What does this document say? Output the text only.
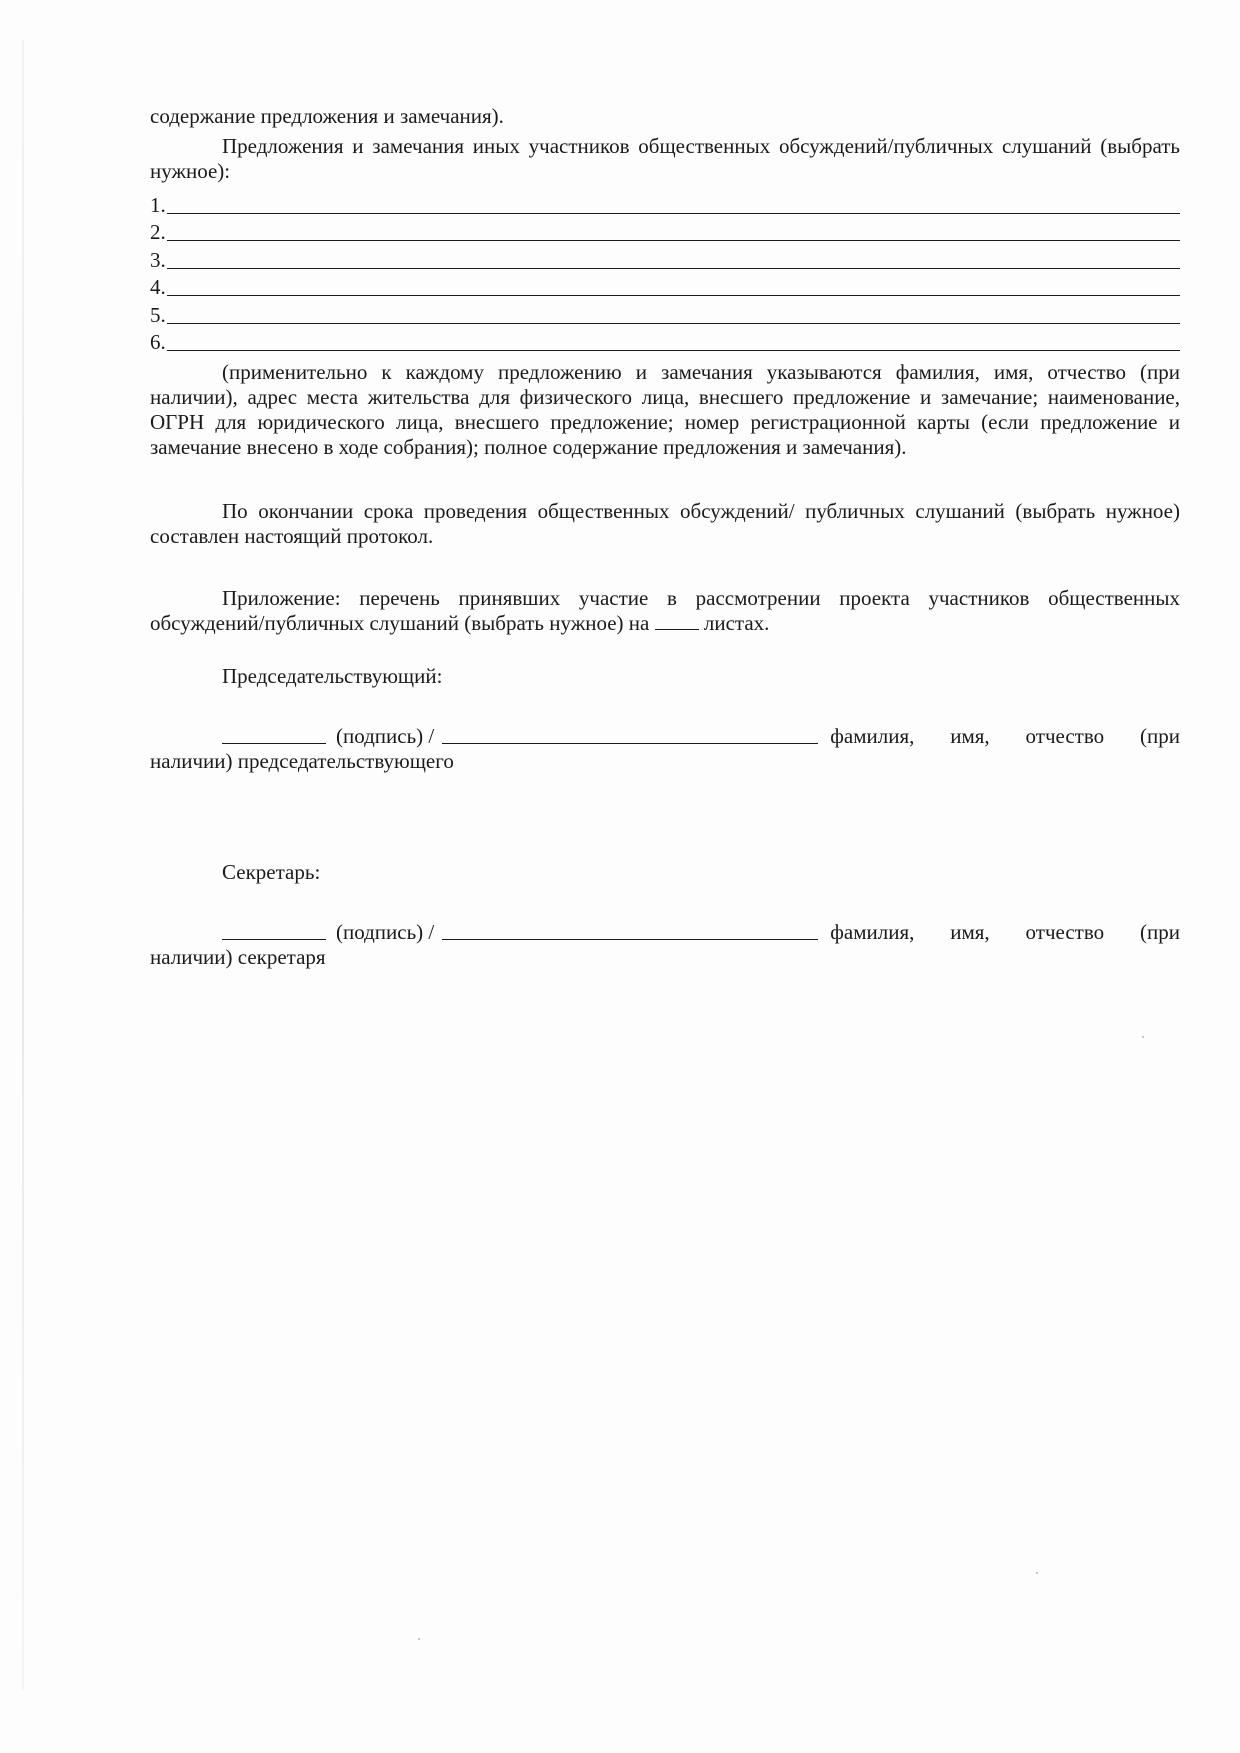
содержание предложения и замечания).
Предложения и замечания иных участников общественных обсуждений/публичных слушаний (выбрать нужное):
1.
2.
3.
4.
5.
6.
(применительно к каждому предложению и замечания указываются фамилия, имя, отчество (при наличии), адрес места жительства для физического лица, внесшего предложение и замечание; наименование, ОГРН для юридического лица, внесшего предложение; номер регистрационной карты (если предложение и замечание внесено в ходе собрания); полное содержание предложения и замечания).
По окончании срока проведения общественных обсуждений/ публичных слушаний (выбрать нужное) составлен настоящий протокол.
Приложение: перечень принявших участие в рассмотрении проекта участников общественных обсуждений/публичных слушаний (выбрать нужное) на	листах.
Председательствующий:
(подпись) /	фамилия, имя, отчество (при
наличии) председательствующего
Секретарь:
(подпись) /	фамилия, имя, отчество (при
наличии) секретаря
